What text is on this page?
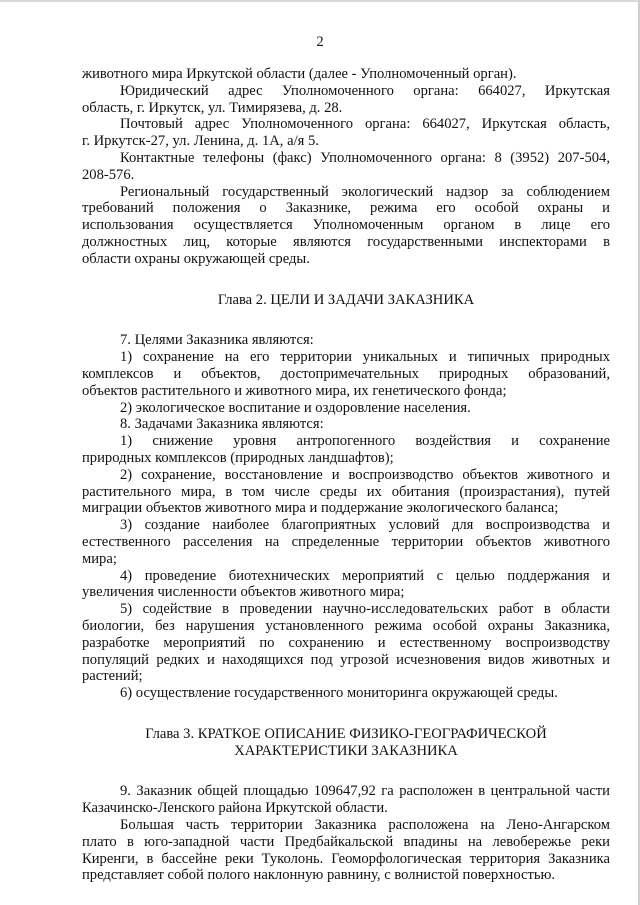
2

животного мира Иркутской области (далее - Уполномоченный орган).

Юридический адрес Уполномоченного органа: 664027, Иркутская

область, г. Иркутск, ул. Тимирязева, д. 28.

Почтовый адрес Уполномоченного органа: 664027, Иркутская область,

г. Иркутск-27, ул. Ленина, д. 1А, а/я 5.

Контактные телефоны (факс) Уполномоченного органа: 8 (3952) 207-504,

208-576.

Региональный государственный экологический надзор за соблюдением

требований положения о Заказнике, режима его особой охраны и

использования осуществляется Уполномоченным органом в лице его

должностных лиц, которые являются государственными инспекторами в

области охраны окружающей среды.

Глава 2. ЦЕЛИ И ЗАДАЧИ ЗАКАЗНИКА

7. Целями Заказника являются:

1) сохранение на его территории уникальных и типичных природных

комплексов и объектов, достопримечательных природных образований,

объектов растительного и животного мира, их генетического фонда;

2) экологическое воспитание и оздоровление населения.

8. Задачами Заказника являются:

1) снижение уровня антропогенного воздействия и сохранение

природных комплексов (природных ландшафтов);

2) сохранение, восстановление и воспроизводство объектов животного и

растительного мира, в том числе среды их обитания (произрастания), путей

миграции объектов животного мира и поддержание экологического баланса;

3) создание наиболее благоприятных условий для воспроизводства и

естественного расселения на спределенные территории объектов животного

мира;

4) проведение биотехнических мероприятий с целью поддержания и

увеличения численности объектов животного мира;

5) содействие в проведении научно-исследовательских работ в области

биологии, без нарушения установленного режима особой охраны Заказника,

разработке мероприятий по сохранению и естественному воспроизводству

популяций редких и находящихся под угрозой исчезновения видов животных и

растений;

6) осуществление государственного мониторинга окружающей среды.

Глава 3. КРАТКОЕ ОПИСАНИЕ ФИЗИКО-ГЕОГРАФИЧЕСКОЙ

ХАРАКТЕРИСТИКИ ЗАКАЗНИКА

9. Заказник общей площадью 109647,92 га расположен в центральной части

Казачинско-Ленского района Иркутской области.

Большая часть территории Заказника расположена на Лено-Ангарском

плато в юго-западной части Предбайкальской впадины на левобережье реки

Киренги, в бассейне реки Туколонь. Геоморфологическая территория Заказника

представляет собой полого наклонную равнину, с волнистой поверхностью.
